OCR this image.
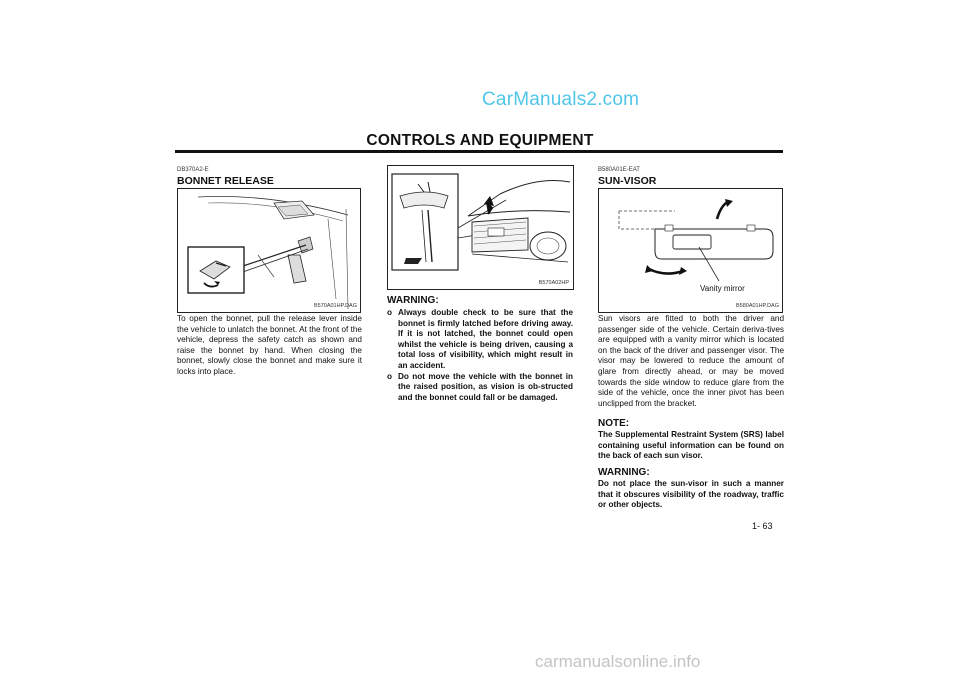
CarManuals2.com
CONTROLS AND EQUIPMENT
DB370A2-E
BONNET RELEASE
B570A01HP.DAG
To open the bonnet, pull the release lever inside the vehicle to unlatch the bonnet. At the front of the vehicle, depress the safety catch as shown and raise the bonnet by hand. When closing the bonnet, slowly close the bonnet and make sure it locks into place.
B570A02HP
WARNING:
o Always double check to be sure that the bonnet is firmly latched before driving away. If it is not latched, the bonnet could open whilst the vehicle is being driven, causing a total loss of visibility, which might result in an accident.
o Do not move the vehicle with the bonnet in the raised position, as vision is ob-structed and the bonnet could fall or be damaged.
B580A01E-EAT
SUN-VISOR
Vanity mirror
B580A01HP.DAG
Sun visors are fitted to both the driver and passenger side of the vehicle. Certain deriva-tives are equipped with a vanity mirror which is located on the back of the driver and passenger visor. The visor may be lowered to reduce the amount of glare from directly ahead, or may be moved towards the side window to reduce glare from the side of the vehicle, once the inner pivot has been unclipped from the bracket.
NOTE:
The Supplemental Restraint System (SRS) label containing useful information can be found on the back of each sun visor.
WARNING:
Do not place the sun-visor in such a manner that it obscures visibility of the roadway, traffic or other objects.
1- 63
carmanualsonline.info
